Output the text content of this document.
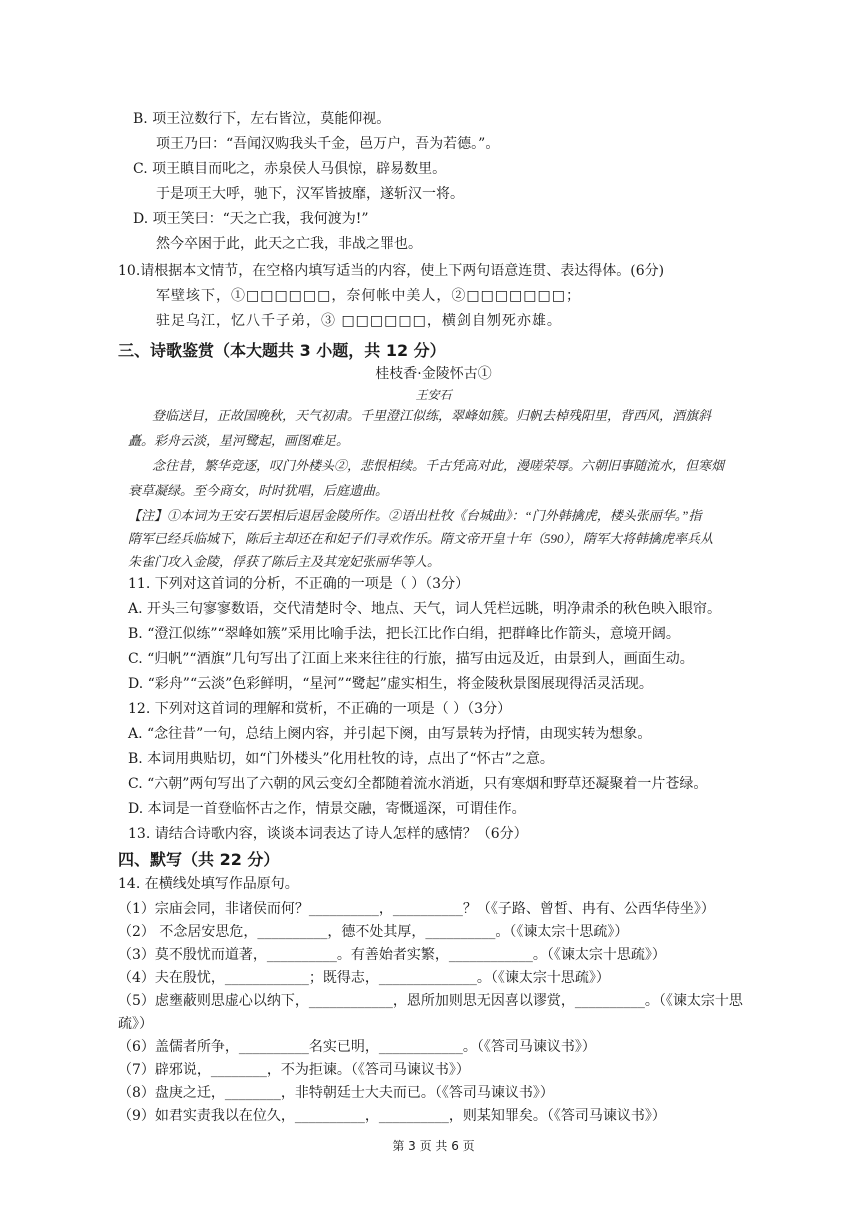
B. 项王泣数行下，左右皆泣，莫能仰视。
项王乃曰：“吾闻汉购我头千金，邑万户，吾为若德。”。
C. 项王瞋目而叱之，赤泉侯人马俱惊，辟易数里。
于是项王大呼，驰下，汉军皆披靡，遂斩汉一将。
D. 项王笑曰：“天之亡我，我何渡为!”
然今卒困于此，此天之亡我，非战之罪也。
10.请根据本文情节，在空格内填写适当的内容，使上下两句语意连贯、表达得体。(6分)
军壁垓下，①□□□□□□，奈何帐中美人，②□□□□□□□；
驻足乌江，忆八千子弟，③ □□□□□□，横剑自刎死亦雄。
三、诗歌鉴赏（本大题共 3 小题，共 12 分）
桂枝香·金陵怀古①
王安石
登临送目，正故国晚秋，天气初肃。千里澄江似练，翠峰如簇。归帆去棹残阳里，背西风，酒旗斜
矗。彩舟云淡，星河鹭起，画图难足。
念往昔，繁华竞逐，叹门外楼头②，悲恨相续。千古凭高对此，漫嗟荣辱。六朝旧事随流水，但寒烟
衰草凝绿。至今商女，时时犹唱，后庭遗曲。
【注】①本词为王安石罢相后退居金陵所作。②语出杜牧《台城曲》：“门外韩擒虎，楼头张丽华。”指
隋军已经兵临城下，陈后主却还在和妃子们寻欢作乐。隋文帝开皇十年（590），隋军大将韩擒虎率兵从
朱雀门攻入金陵，俘获了陈后主及其宠妃张丽华等人。
11. 下列对这首词的分析，不正确的一项是（ ）（3分）
A. 开头三句寥寥数语，交代清楚时令、地点、天气，词人凭栏远眺，明净肃杀的秋色映入眼帘。
B. “澄江似练”“翠峰如簇”采用比喻手法，把长江比作白绢，把群峰比作箭头，意境开阔。
C. “归帆”“酒旗”几句写出了江面上来来往往的行旅，描写由远及近，由景到人，画面生动。
D. “彩舟”“云淡”色彩鲜明，“星河”“鹭起”虚实相生，将金陵秋景图展现得活灵活现。
12. 下列对这首词的理解和赏析，不正确的一项是（ ）（3分）
A. “念往昔”一句，总结上阕内容，并引起下阕，由写景转为抒情，由现实转为想象。
B. 本词用典贴切，如“门外楼头”化用杜牧的诗，点出了“怀古”之意。
C. “六朝”两句写出了六朝的风云变幻全都随着流水消逝，只有寒烟和野草还凝聚着一片苍绿。
D. 本词是一首登临怀古之作，情景交融，寄慨遥深，可谓佳作。
13. 请结合诗歌内容，谈谈本词表达了诗人怎样的感情？（6分）
四、默写（共 22 分）
14. 在横线处填写作品原句。
（1）宗庙会同，非诸侯而何？__________，__________？（《子路、曾皙、冉有、公西华侍坐》）
（2） 不念居安思危，__________，德不处其厚，__________。（《谏太宗十思疏》）
（3）莫不殷忧而道著，__________。有善始者实繁，____________。（《谏太宗十思疏》）
（4）夫在殷忧，____________；既得志，______________。（《谏太宗十思疏》）
（5）虑壅蔽则思虚心以纳下，____________，恩所加则思无因喜以谬赏，__________。（《谏太宗十思
疏》）
（6）盖儒者所争，__________名实已明，____________。（《答司马谏议书》）
（7）辟邪说，________，不为拒谏。（《答司马谏议书》）
（8）盘庚之迁，________，非特朝廷士大夫而已。（《答司马谏议书》）
（9）如君实责我以在位久，__________，__________，则某知罪矣。（《答司马谏议书》）
第 3 页 共 6 页
